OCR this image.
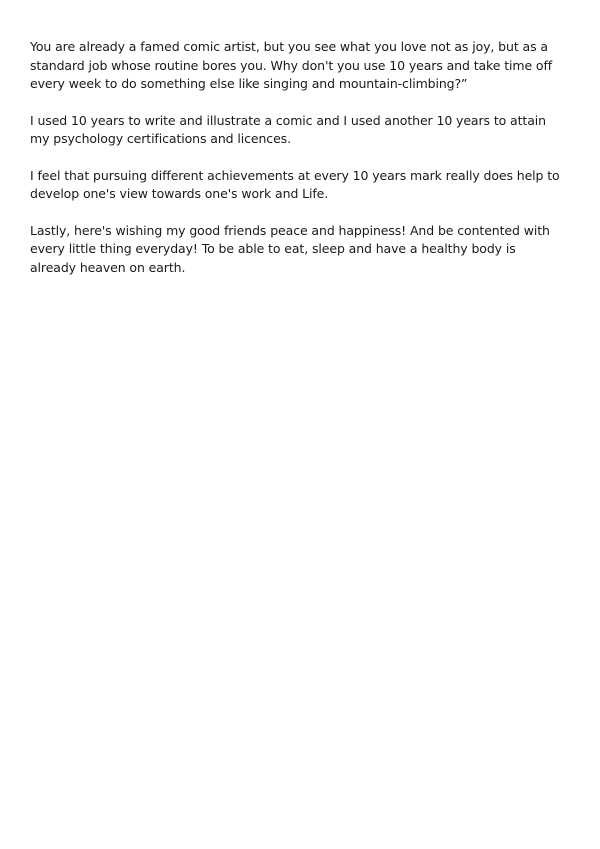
You are already a famed comic artist, but you see what you love not as joy, but as a
standard job whose routine bores you. Why don't you use 10 years and take time off
every week to do something else like singing and mountain-climbing?”

I used 10 years to write and illustrate a comic and I used another 10 years to attain
my psychology certifications and licences.

I feel that pursuing different achievements at every 10 years mark really does help to
develop one's view towards one's work and Life.

Lastly, here's wishing my good friends peace and happiness! And be contented with
every little thing everyday! To be able to eat, sleep and have a healthy body is
already heaven on earth.
